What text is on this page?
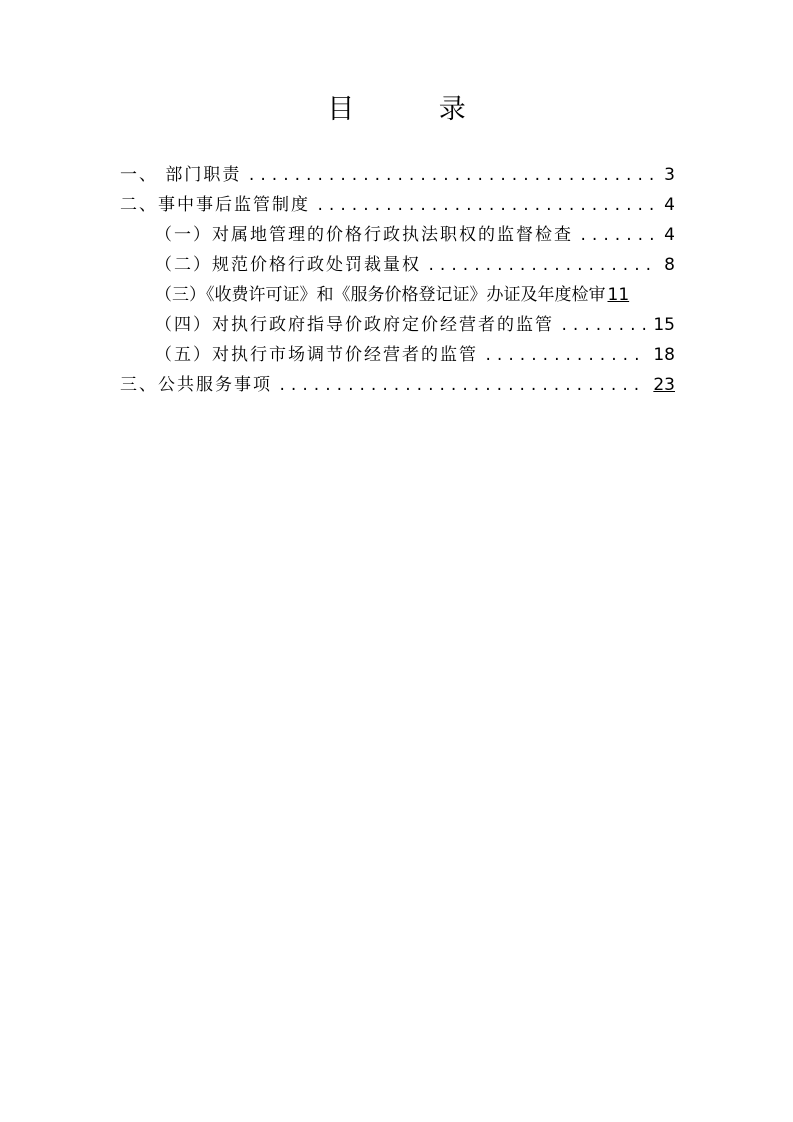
目 录
一、 部门职责 .....	3
二、事中事后监管制度 .....	4
（一）对属地管理的价格行政执法职权的监督检查 .....	4
（二）规范价格行政处罚裁量权 .....	8
（三）《收费许可证》和《服务价格登记证》办证及年度检审 11
（四）对执行政府指导价政府定价经营者的监管 .....	15
（五）对执行市场调节价经营者的监管 .....	18
三、公共服务事项 .....	23
